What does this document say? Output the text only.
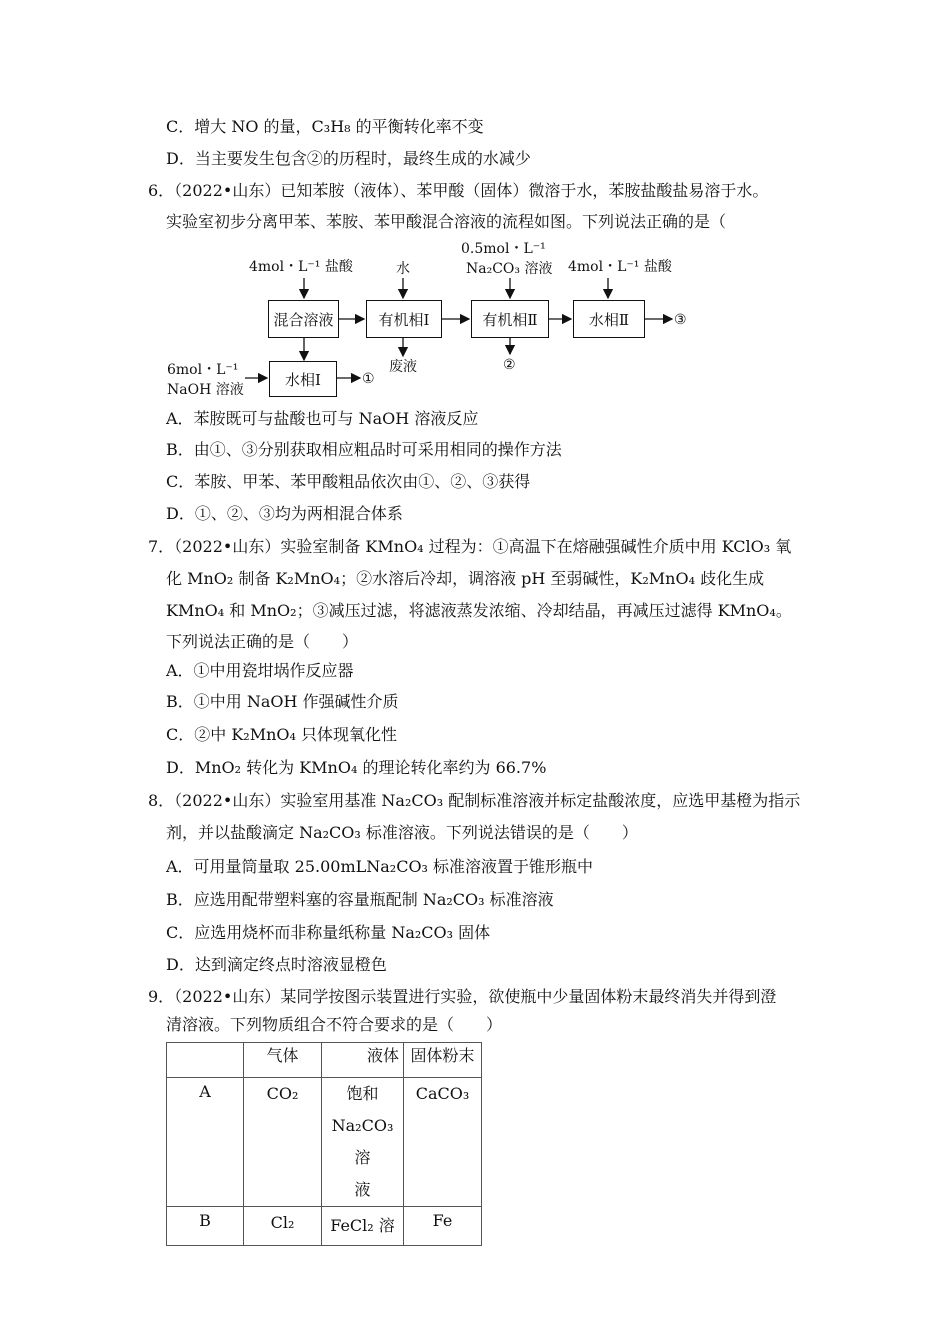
C．增大 NO 的量，C₃H₈ 的平衡转化率不变
D．当主要发生包含②的历程时，最终生成的水减少
6．（2022•山东）已知苯胺（液体）、苯甲酸（固体）微溶于水，苯胺盐酸盐易溶于水。
实验室初步分离甲苯、苯胺、苯甲酸混合溶液的流程如图。下列说法正确的是（
4mol・L⁻¹ 盐酸	水
0.5mol・L⁻¹
Na₂CO₃ 溶液 4mol・L⁻¹ 盐酸
混合溶液	有机相Ⅰ	有机相Ⅱ	水相Ⅱ
水相Ⅰ
③
①
②
废液
6mol・L⁻¹
NaOH 溶液
A．苯胺既可与盐酸也可与 NaOH 溶液反应
B．由①、③分别获取相应粗品时可采用相同的操作方法
C．苯胺、甲苯、苯甲酸粗品依次由①、②、③获得
D．①、②、③均为两相混合体系
7．（2022•山东）实验室制备 KMnO₄ 过程为：①高温下在熔融强碱性介质中用 KClO₃ 氧
化 MnO₂ 制备 K₂MnO₄；②水溶后冷却，调溶液 pH 至弱碱性，K₂MnO₄ 歧化生成
KMnO₄ 和 MnO₂；③减压过滤，将滤液蒸发浓缩、冷却结晶，再减压过滤得 KMnO₄。
下列说法正确的是（　　）
A．①中用瓷坩埚作反应器
B．①中用 NaOH 作强碱性介质
C．②中 K₂MnO₄ 只体现氧化性
D．MnO₂ 转化为 KMnO₄ 的理论转化率约为 66.7%
8．（2022•山东）实验室用基准 Na₂CO₃ 配制标准溶液并标定盐酸浓度，应选甲基橙为指示
剂，并以盐酸滴定 Na₂CO₃ 标准溶液。下列说法错误的是（　　）
A．可用量筒量取 25.00mLNa₂CO₃ 标准溶液置于锥形瓶中
B．应选用配带塑料塞的容量瓶配制 Na₂CO₃ 标准溶液
C．应选用烧杯而非称量纸称量 Na₂CO₃ 固体
D．达到滴定终点时溶液显橙色
9．（2022•山东）某同学按图示装置进行实验，欲使瓶中少量固体粉末最终消失并得到澄
清溶液。下列物质组合不符合要求的是（　　）
	气体	液体	固体粉末
A	CO₂	饱和
Na₂CO₃ 溶
液	CaCO₃
B	Cl₂	FeCl₂ 溶	Fe
